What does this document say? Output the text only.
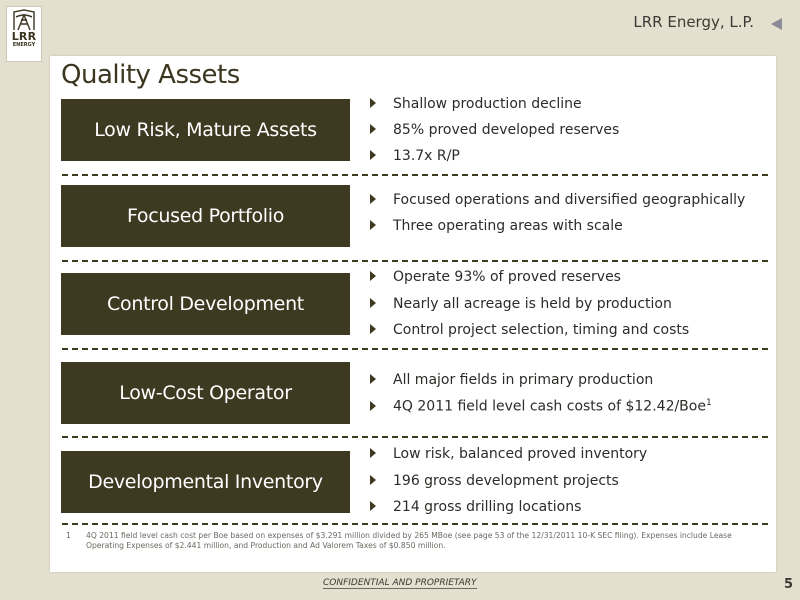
LRR
ENERGY
LRR Energy, L.P.
Quality Assets
Low Risk, Mature Assets
Shallow production decline
85% proved developed reserves
13.7x R/P
Focused Portfolio
Focused operations and diversified geographically
Three operating areas with scale
Control Development
Operate 93% of proved reserves
Nearly all acreage is held by production
Control project selection, timing and costs
Low-Cost Operator
All major fields in primary production
4Q 2011 field level cash costs of $12.42/Boe$^1$
Developmental Inventory
Low risk, balanced proved inventory
196 gross development projects
214 gross drilling locations
1 4Q 2011 field level cash cost per Boe based on expenses of $3.291 million divided by 265 MBoe (see page 53 of the 12/31/2011 10-K SEC filing). Expenses include Lease Operating Expenses of $2.441 million, and Production and Ad Valorem Taxes of $0.850 million.
CONFIDENTIAL AND PROPRIETARY	5
